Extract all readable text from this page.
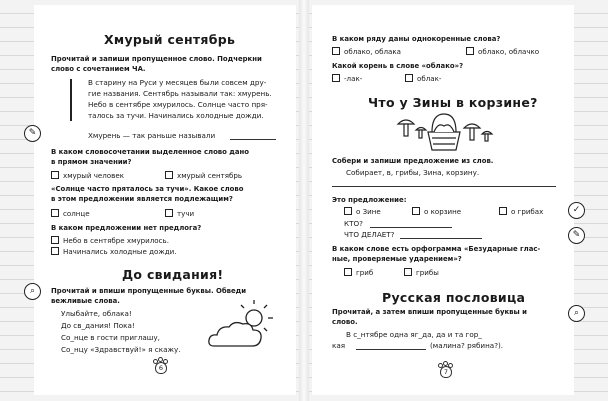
Хмурый сентябрь
Прочитай и запиши пропущенное слово. Подчеркни
слово с сочетанием ЧА.
В старину на Руси у месяцев были совсем дру-
гие названия. Сентябрь называли так: хмурень.
Небо в сентябре хмурилось. Солнце часто пря-
талось за тучи. Начинались холодные дожди.
✎	Хмурень — так раньше называли
В каком словосочетании выделенное слово дано
в прямом значении?
хмурый человек	хмурый сентябрь
«Солнце часто пряталось за тучи». Какое слово
в этом предложении является подлежащим?
солнце	тучи
В каком предложении нет предлога?
Небо в сентябре хмурилось.
Начинались холодные дожди.
До свидания!
⌕	Прочитай и впиши пропущенные буквы. Обведи
вежливые слова.
Улыбайте, облака!
До св_дания! Пока!
Со_нце в гости приглашу,
Со_нцу «Здравствуй!» я скажу.
6
В каком ряду даны однокоренные слова?
облако, облака	облако, облачко
Какой корень в слове «облако»?
-лак-	облак-
Что у Зины в корзине?
Собери и запиши предложение из слов.
Собирает, в, грибы, Зина, корзину.
Это предложение:
о Зине	о корзине	о грибах	✓
КТО?
ЧТО ДЕЛАЕТ?	✎
В каком слове есть орфограмма «Безударные глас-
ные, проверяемые ударением»?
гриб	грибы
Русская пословица
Прочитай, а затем впиши пропущенные буквы и
слово.
⌕
В с_нтябре одна яг_да, да и та гор_
кая	(малина? рябина?).
7
